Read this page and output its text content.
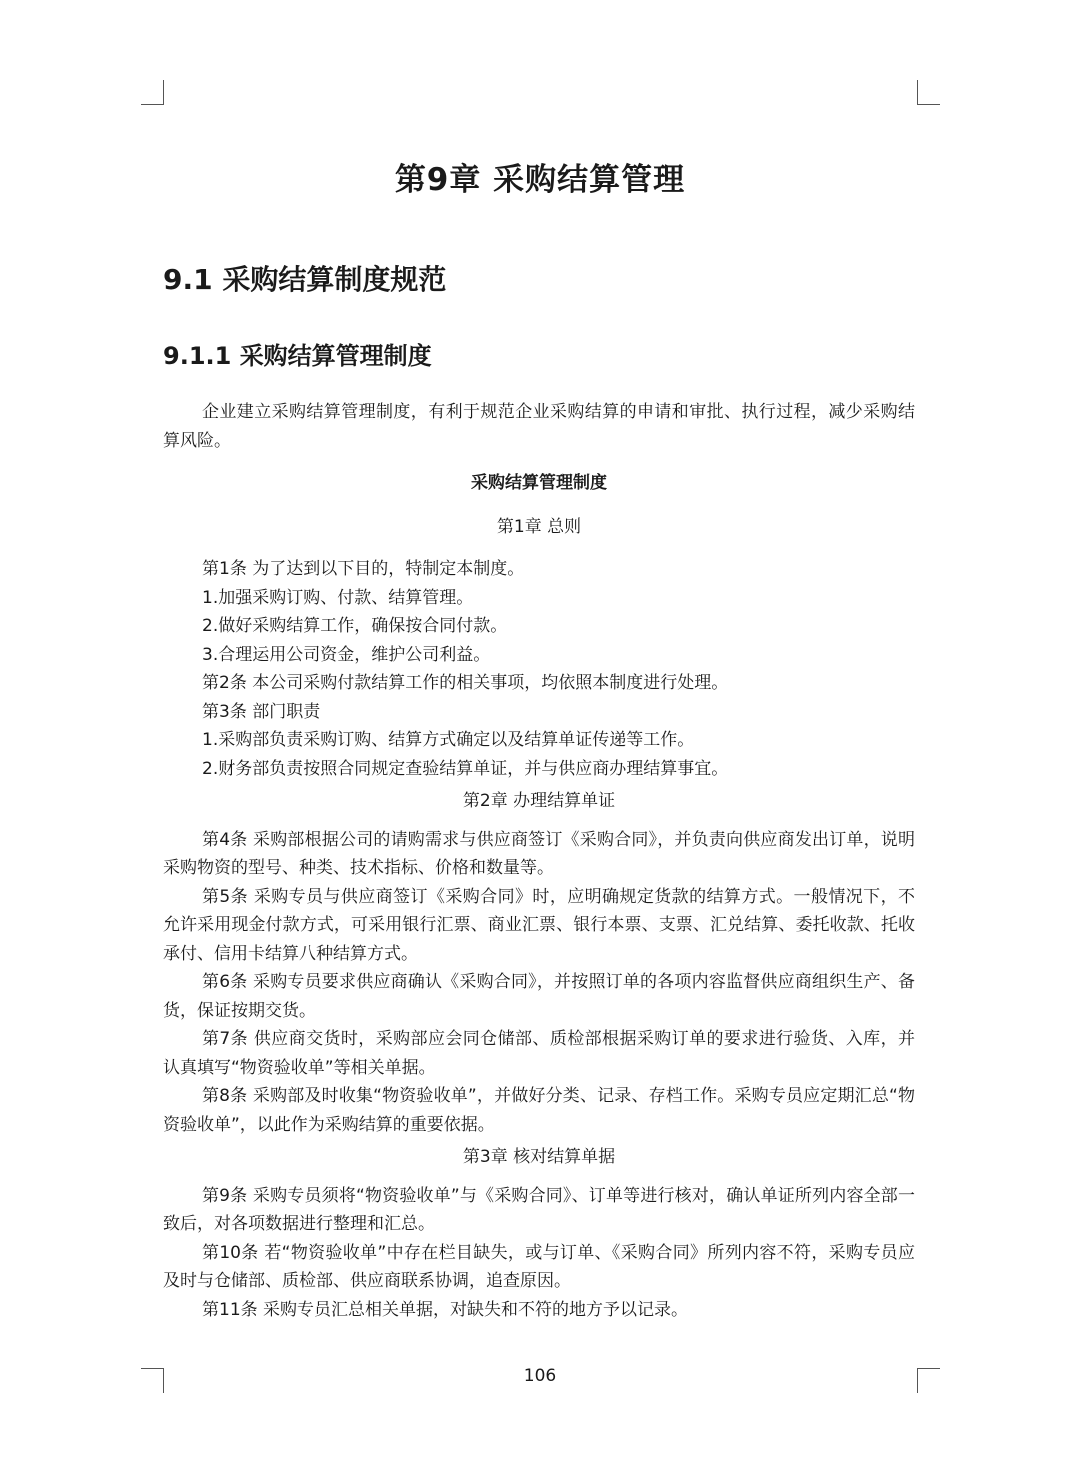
第9章 采购结算管理
9.1 采购结算制度规范
9.1.1 采购结算管理制度

企业建立采购结算管理制度，有利于规范企业采购结算的申请和审批、执行过程，减少采购结算风险。

采购结算管理制度

第1章 总则

第1条 为了达到以下目的，特制定本制度。

1.加强采购订购、付款、结算管理。

2.做好采购结算工作，确保按合同付款。

3.合理运用公司资金，维护公司利益。

第2条 本公司采购付款结算工作的相关事项，均依照本制度进行处理。

第3条 部门职责

1.采购部负责采购订购、结算方式确定以及结算单证传递等工作。

2.财务部负责按照合同规定查验结算单证，并与供应商办理结算事宜。

第2章 办理结算单证

第4条 采购部根据公司的请购需求与供应商签订《采购合同》，并负责向供应商发出订单，说明采购物资的型号、种类、技术指标、价格和数量等。

第5条 采购专员与供应商签订《采购合同》时，应明确规定货款的结算方式。一般情况下，不允许采用现金付款方式，可采用银行汇票、商业汇票、银行本票、支票、汇兑结算、委托收款、托收承付、信用卡结算八种结算方式。

第6条 采购专员要求供应商确认《采购合同》，并按照订单的各项内容监督供应商组织生产、备货，保证按期交货。

第7条 供应商交货时，采购部应会同仓储部、质检部根据采购订单的要求进行验货、入库，并认真填写“物资验收单”等相关单据。

第8条 采购部及时收集“物资验收单”，并做好分类、记录、存档工作。采购专员应定期汇总“物资验收单”，以此作为采购结算的重要依据。

第3章 核对结算单据

第9条 采购专员须将“物资验收单”与《采购合同》、订单等进行核对，确认单证所列内容全部一致后，对各项数据进行整理和汇总。

第10条 若“物资验收单”中存在栏目缺失，或与订单、《采购合同》所列内容不符，采购专员应及时与仓储部、质检部、供应商联系协调，追查原因。

第11条 采购专员汇总相关单据，对缺失和不符的地方予以记录。

106
